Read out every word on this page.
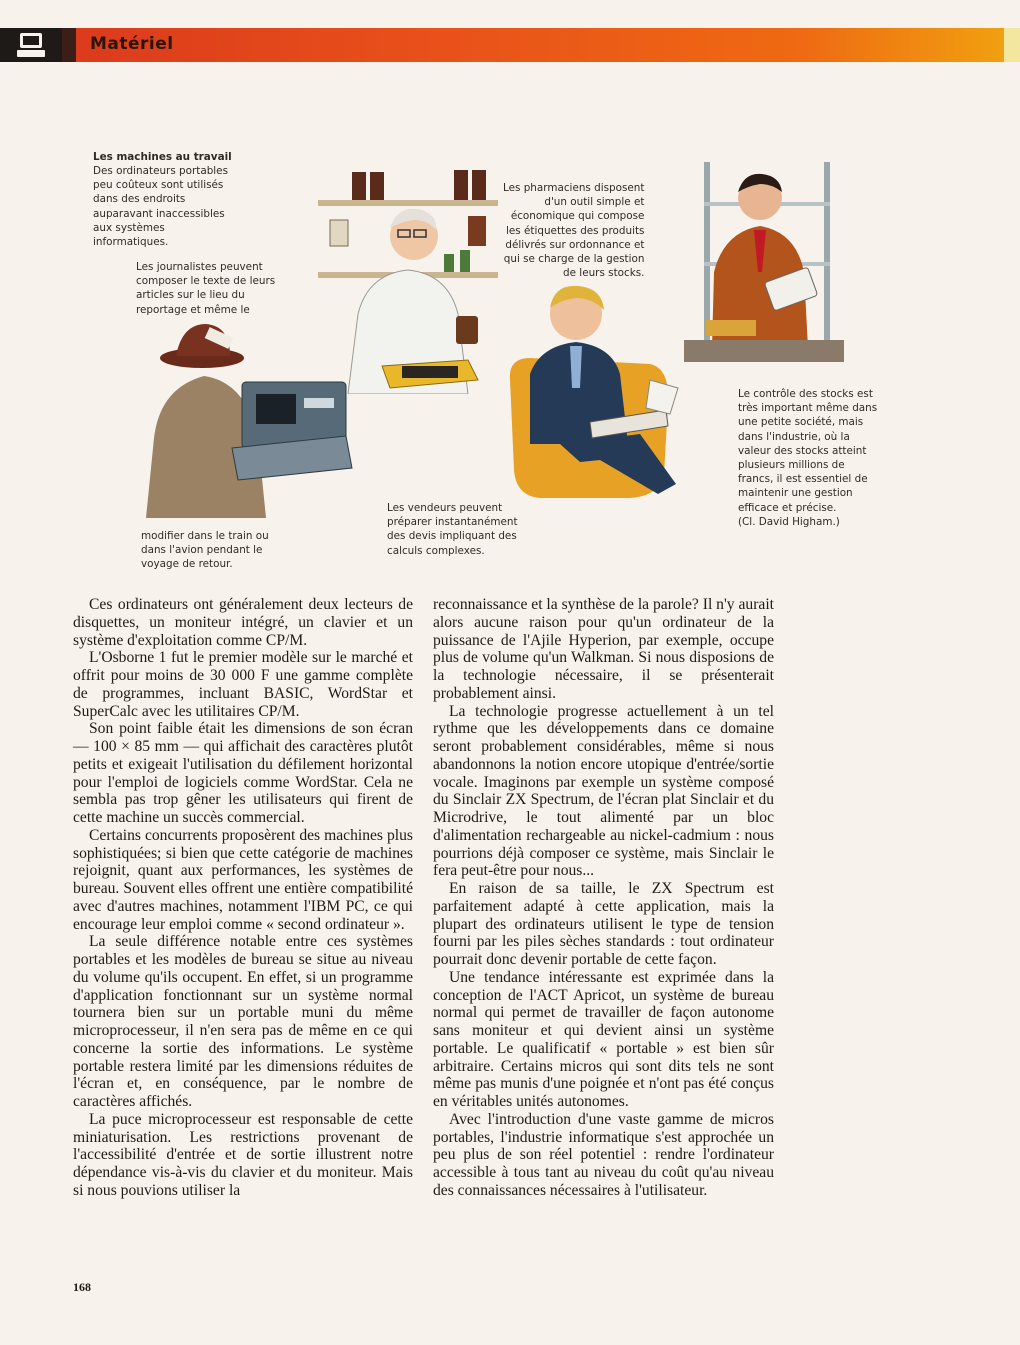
Matériel
Les machines au travail
Des ordinateurs portables
peu coûteux sont utilisés
dans des endroits
auparavant inaccessibles
aux systèmes
informatiques.
Les journalistes peuvent
composer le texte de leurs
articles sur le lieu du
reportage et même le
Les pharmaciens disposent
d'un outil simple et
économique qui compose
les étiquettes des produits
délivrés sur ordonnance et
qui se charge de la gestion
de leurs stocks.
Le contrôle des stocks est
très important même dans
une petite société, mais
dans l'industrie, où la
valeur des stocks atteint
plusieurs millions de
francs, il est essentiel de
maintenir une gestion
efficace et précise.
(Cl. David Higham.)
Les vendeurs peuvent
préparer instantanément
des devis impliquant des
calculs complexes.
modifier dans le train ou
dans l'avion pendant le
voyage de retour.

Ces ordinateurs ont généralement deux lecteurs de disquettes, un moniteur intégré, un clavier et un système d'exploitation comme CP/M.

L'Osborne 1 fut le premier modèle sur le marché et offrit pour moins de 30 000 F une gamme complète de programmes, incluant BASIC, WordStar et SuperCalc avec les utilitaires CP/M.

Son point faible était les dimensions de son écran — 100 × 85 mm — qui affichait des caractères plutôt petits et exigeait l'utilisation du défilement horizontal pour l'emploi de logiciels comme WordStar. Cela ne sembla pas trop gêner les utilisateurs qui firent de cette machine un succès commercial.

Certains concurrents proposèrent des machines plus sophistiquées; si bien que cette catégorie de machines rejoignit, quant aux performances, les systèmes de bureau. Souvent elles offrent une entière compatibilité avec d'autres machines, notamment l'IBM PC, ce qui encourage leur emploi comme « second ordinateur ».

La seule différence notable entre ces systèmes portables et les modèles de bureau se situe au niveau du volume qu'ils occupent. En effet, si un programme d'application fonctionnant sur un système normal tournera bien sur un portable muni du même microprocesseur, il n'en sera pas de même en ce qui concerne la sortie des informations. Le système portable restera limité par les dimensions réduites de l'écran et, en conséquence, par le nombre de caractères affichés.

La puce microprocesseur est responsable de cette miniaturisation. Les restrictions provenant de l'accessibilité d'entrée et de sortie illustrent notre dépendance vis-à-vis du clavier et du moniteur. Mais si nous pouvions utiliser la

reconnaissance et la synthèse de la parole? Il n'y aurait alors aucune raison pour qu'un ordinateur de la puissance de l'Ajile Hyperion, par exemple, occupe plus de volume qu'un Walkman. Si nous disposions de la technologie nécessaire, il se présenterait probablement ainsi.

La technologie progresse actuellement à un tel rythme que les développements dans ce domaine seront probablement considérables, même si nous abandonnons la notion encore utopique d'entrée/sortie vocale. Imaginons par exemple un système composé du Sinclair ZX Spectrum, de l'écran plat Sinclair et du Microdrive, le tout alimenté par un bloc d'alimentation rechargeable au nickel-cadmium : nous pourrions déjà composer ce système, mais Sinclair le fera peut-être pour nous...

En raison de sa taille, le ZX Spectrum est parfaitement adapté à cette application, mais la plupart des ordinateurs utilisent le type de tension fourni par les piles sèches standards : tout ordinateur pourrait donc devenir portable de cette façon.

Une tendance intéressante est exprimée dans la conception de l'ACT Apricot, un système de bureau normal qui permet de travailler de façon autonome sans moniteur et qui devient ainsi un système portable. Le qualificatif « portable » est bien sûr arbitraire. Certains micros qui sont dits tels ne sont même pas munis d'une poignée et n'ont pas été conçus en véritables unités autonomes.

Avec l'introduction d'une vaste gamme de micros portables, l'industrie informatique s'est approchée un peu plus de son réel potentiel : rendre l'ordinateur accessible à tous tant au niveau du coût qu'au niveau des connaissances nécessaires à l'utilisateur.

168
